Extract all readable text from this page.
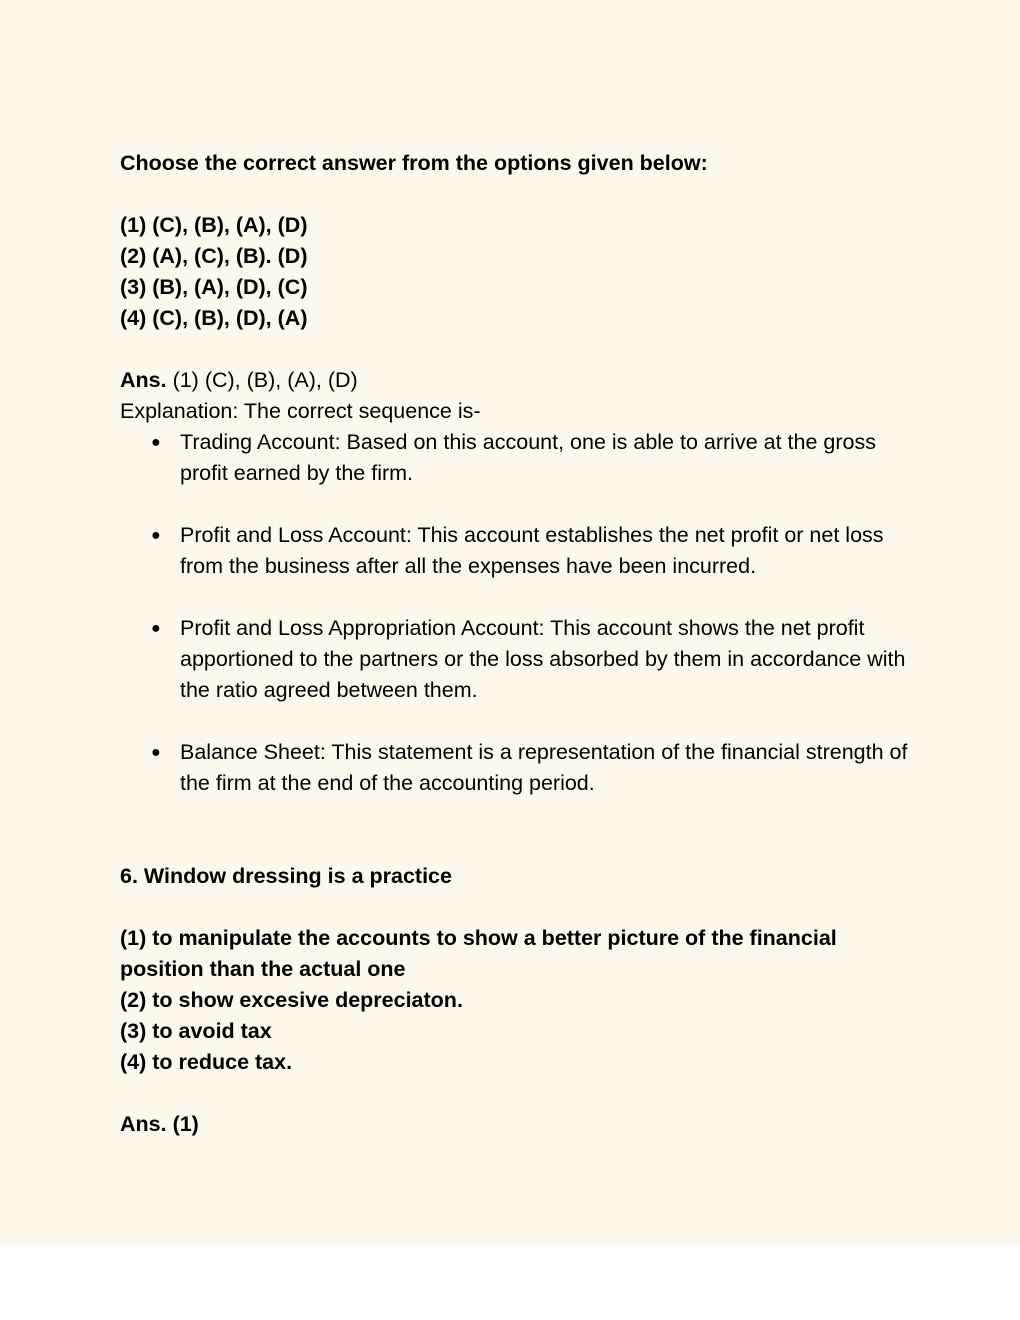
Choose the correct answer from the options given below:

(1) (C), (B), (A), (D)

(2) (A), (C), (B). (D)

(3) (B), (A), (D), (C)

(4) (C), (B), (D), (A)

Ans. (1) (C), (B), (A), (D)

Explanation: The correct sequence is-

● Trading Account: Based on this account, one is able to arrive at the gross profit earned by the firm.
● Profit and Loss Account: This account establishes the net profit or net loss from the business after all the expenses have been incurred.
● Profit and Loss Appropriation Account: This account shows the net profit apportioned to the partners or the loss absorbed by them in accordance with the ratio agreed between them.
● Balance Sheet: This statement is a representation of the financial strength of the firm at the end of the accounting period.

6. Window dressing is a practice

(1) to manipulate the accounts to show a better picture of the financial position than the actual one

(2) to show excesive depreciaton.

(3) to avoid tax

(4) to reduce tax.

Ans. (1)
